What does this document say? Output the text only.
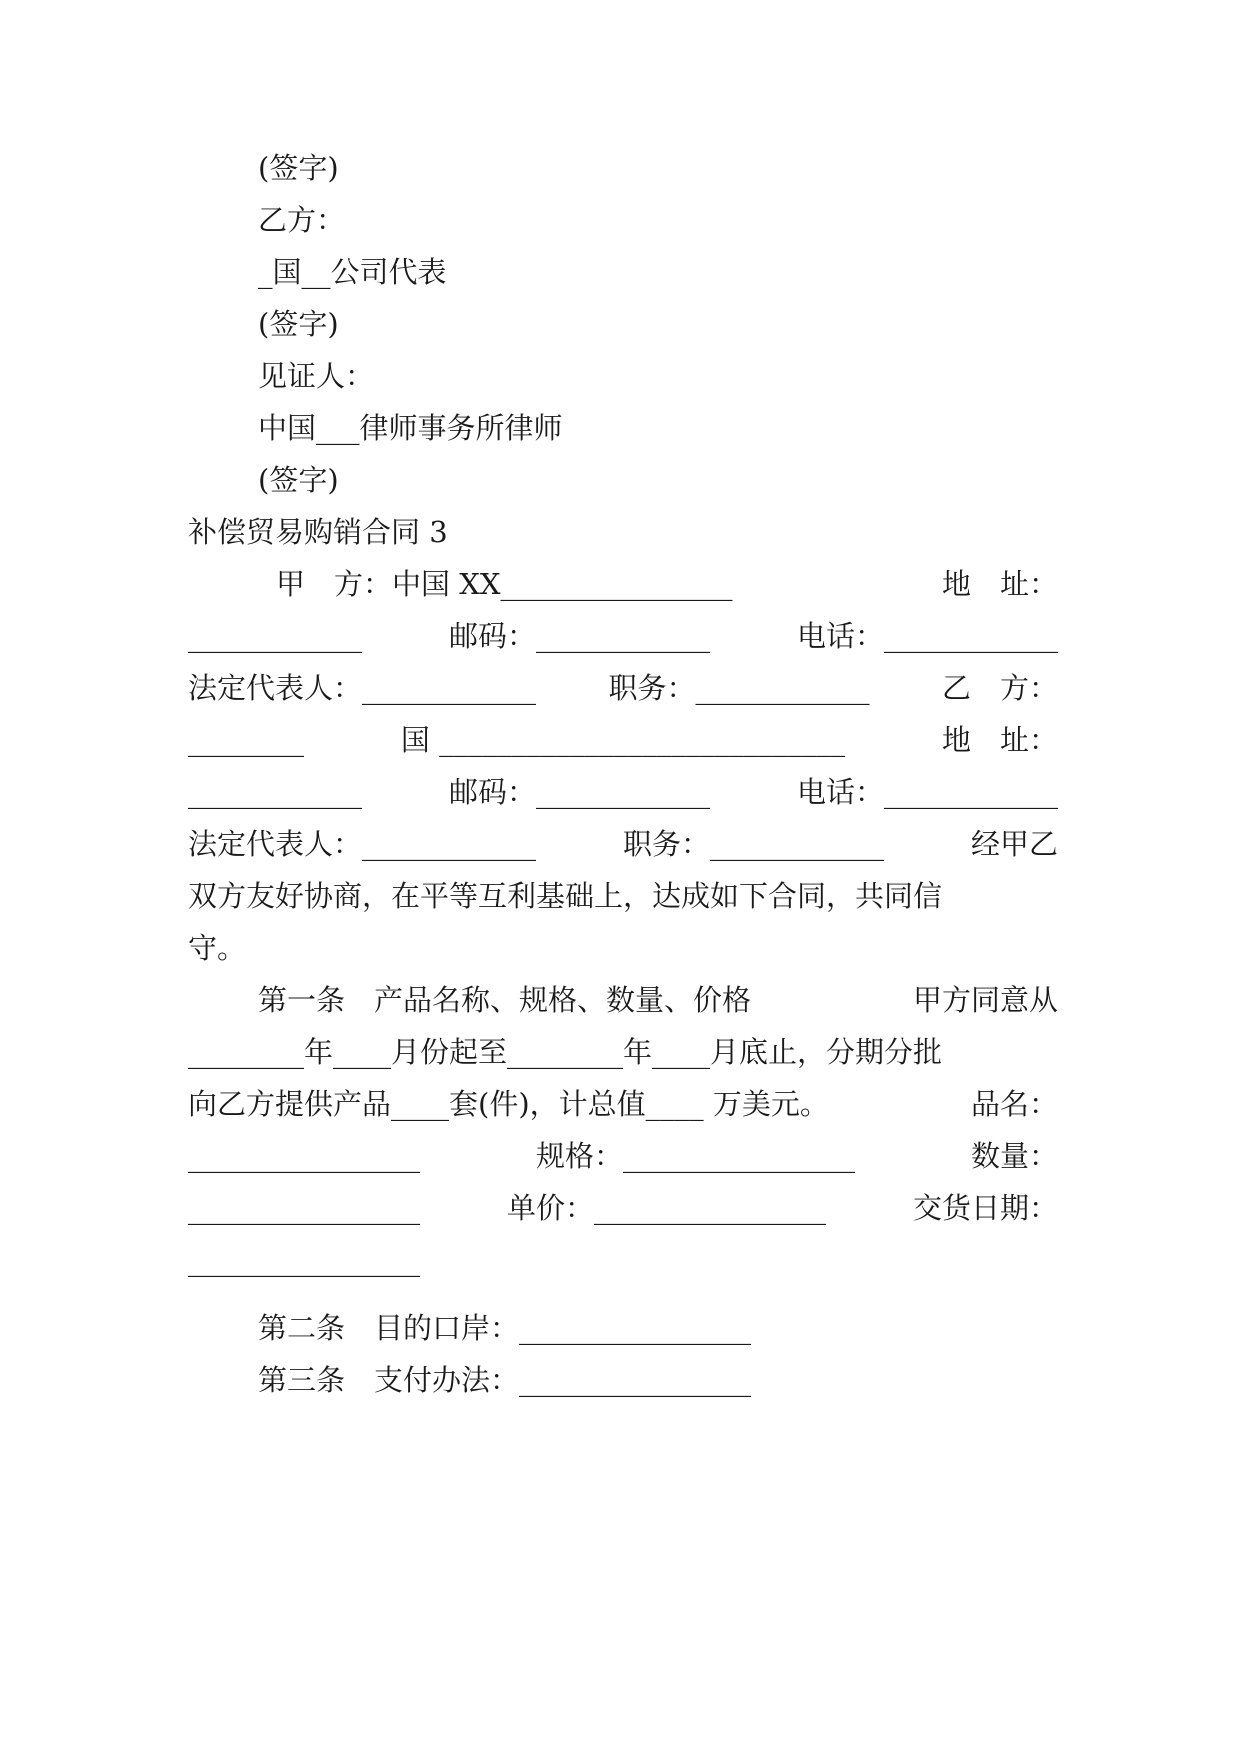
(签字)
乙方：
_国__公司代表
(签字)
见证人：
中国___律师事务所律师
(签字)
补偿贸易购销合同 3
甲　方：中国 XX________________	地　址：
____________	邮码：____________	电话：____________
法定代表人：____________ 职务：____________ 乙　方：
________	国 ____________________________	地　址：
____________	邮码：____________	电话：____________
法定代表人：____________	职务：____________	经甲乙
双方友好协商，在平等互利基础上，达成如下合同，共同信
守。
第一条　产品名称、规格、数量、价格	甲方同意从
________年____月份起至________年____月底止，分期分批
向乙方提供产品____套(件)，计总值____ 万美元。	品名：
________________	规格：________________	数量：
________________	单价：________________	交货日期：
________________
第二条　目的口岸：________________
第三条　支付办法：________________
